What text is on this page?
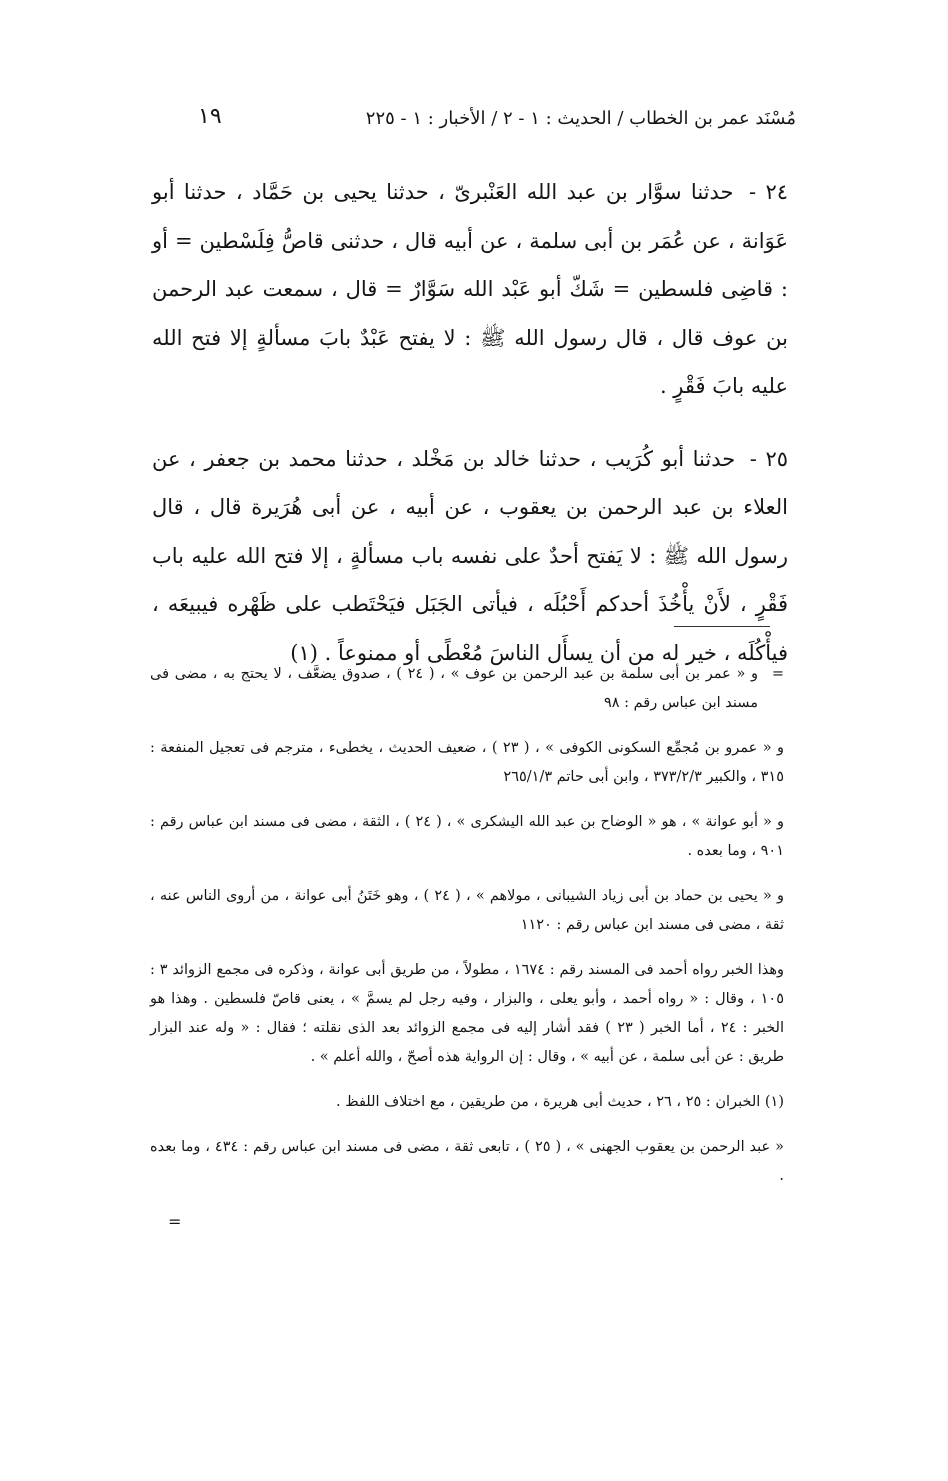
مُسْنَد عمر بن الخطاب / الحديث : ١ - ٢ / الأخبار : ١ - ٢٢٥
١٩

٢٤ - حدثنا سوَّار بن عبد الله العَنْبرىّ ، حدثنا يحيى بن حَمَّاد ، حدثنا أبو عَوَانة ، عن عُمَر بن أبى سلمة ، عن أبيه قال ، حدثنى قاصُّ فِلَسْطين = أو : قاضِى فلسطين = شَكّ أبو عَبْد الله سَوَّارٌ = قال ، سمعت عبد الرحمن بن عوف قال ، قال رسول الله ﷺ : لا يفتح عَبْدٌ بابَ مسألةٍ إلا فتح الله عليه بابَ فَقْرٍ .

٢٥ - حدثنا أبو كُرَيب ، حدثنا خالد بن مَخْلد ، حدثنا محمد بن جعفر ، عن العلاء بن عبد الرحمن بن يعقوب ، عن أبيه ، عن أبى هُرَيرة قال ، قال رسول الله ﷺ : لا يَفتح أحدٌ على نفسه باب مسألةٍ ، إلا فتح الله عليه باب فَقْرٍ ، لأَنْ يأْخُذَ أحدكم أَحْبُلَه ، فيأتى الجَبَل فيَحْتَطب على ظَهْره فيبيعَه ، فيأْكُلَه ، خير له من أن يسأَل الناسَ مُعْطًى أو ممنوعاً . (١)

=
و « عمر بن أبى سلمة بن عبد الرحمن بن عوف » ، ( ٢٤ ) ، صدوق يضعَّف ، لا يحتج به ، مضى فى مسند ابن عباس رقم : ٩٨

و « عمرو بن مُجمِّع السكونى الكوفى » ، ( ٢٣ ) ، ضعيف الحديث ، يخطىء ، مترجم فى تعجيل المنفعة : ٣١٥ ، والكبير ٣٧٣/٢/٣ ، وابن أبى حاتم ٢٦٥/١/٣

و « أبو عوانة » ، هو « الوضاح بن عبد الله اليشكرى » ، ( ٢٤ ) ، الثقة ، مضى فى مسند ابن عباس رقم : ٩٠١ ، وما بعده .

و « يحيى بن حماد بن أبى زياد الشيبانى ، مولاهم » ، ( ٢٤ ) ، وهو خَتَنُ أبى عوانة ، من أروى الناس عنه ، ثقة ، مضى فى مسند ابن عباس رقم : ١١٢٠

وهذا الخبر رواه أحمد فى المسند رقم : ١٦٧٤ ، مطولاً ، من طريق أبى عوانة ، وذكره فى مجمع الزوائد ٣ : ١٠٥ ، وقال : « رواه أحمد ، وأبو يعلى ، والبزار ، وفيه رجل لم يسمَّ » ، يعنى قاصّ فلسطين . وهذا هو الخبر : ٢٤ ، أما الخبر ( ٢٣ ) فقد أشار إليه فى مجمع الزوائد بعد الذى نقلته ؛ فقال : « وله عند البزار طريق : عن أبى سلمة ، عن أبيه » ، وقال : إن الرواية هذه أصحّ ، والله أعلم » .

(١) الخبران : ٢٥ ، ٢٦ ، حديث أبى هريرة ، من طريقين ، مع اختلاف اللفظ .

« عبد الرحمن بن يعقوب الجهنى » ، ( ٢٥ ) ، تابعى ثقة ، مضى فى مسند ابن عباس رقم : ٤٣٤ ، وما بعده .

=
